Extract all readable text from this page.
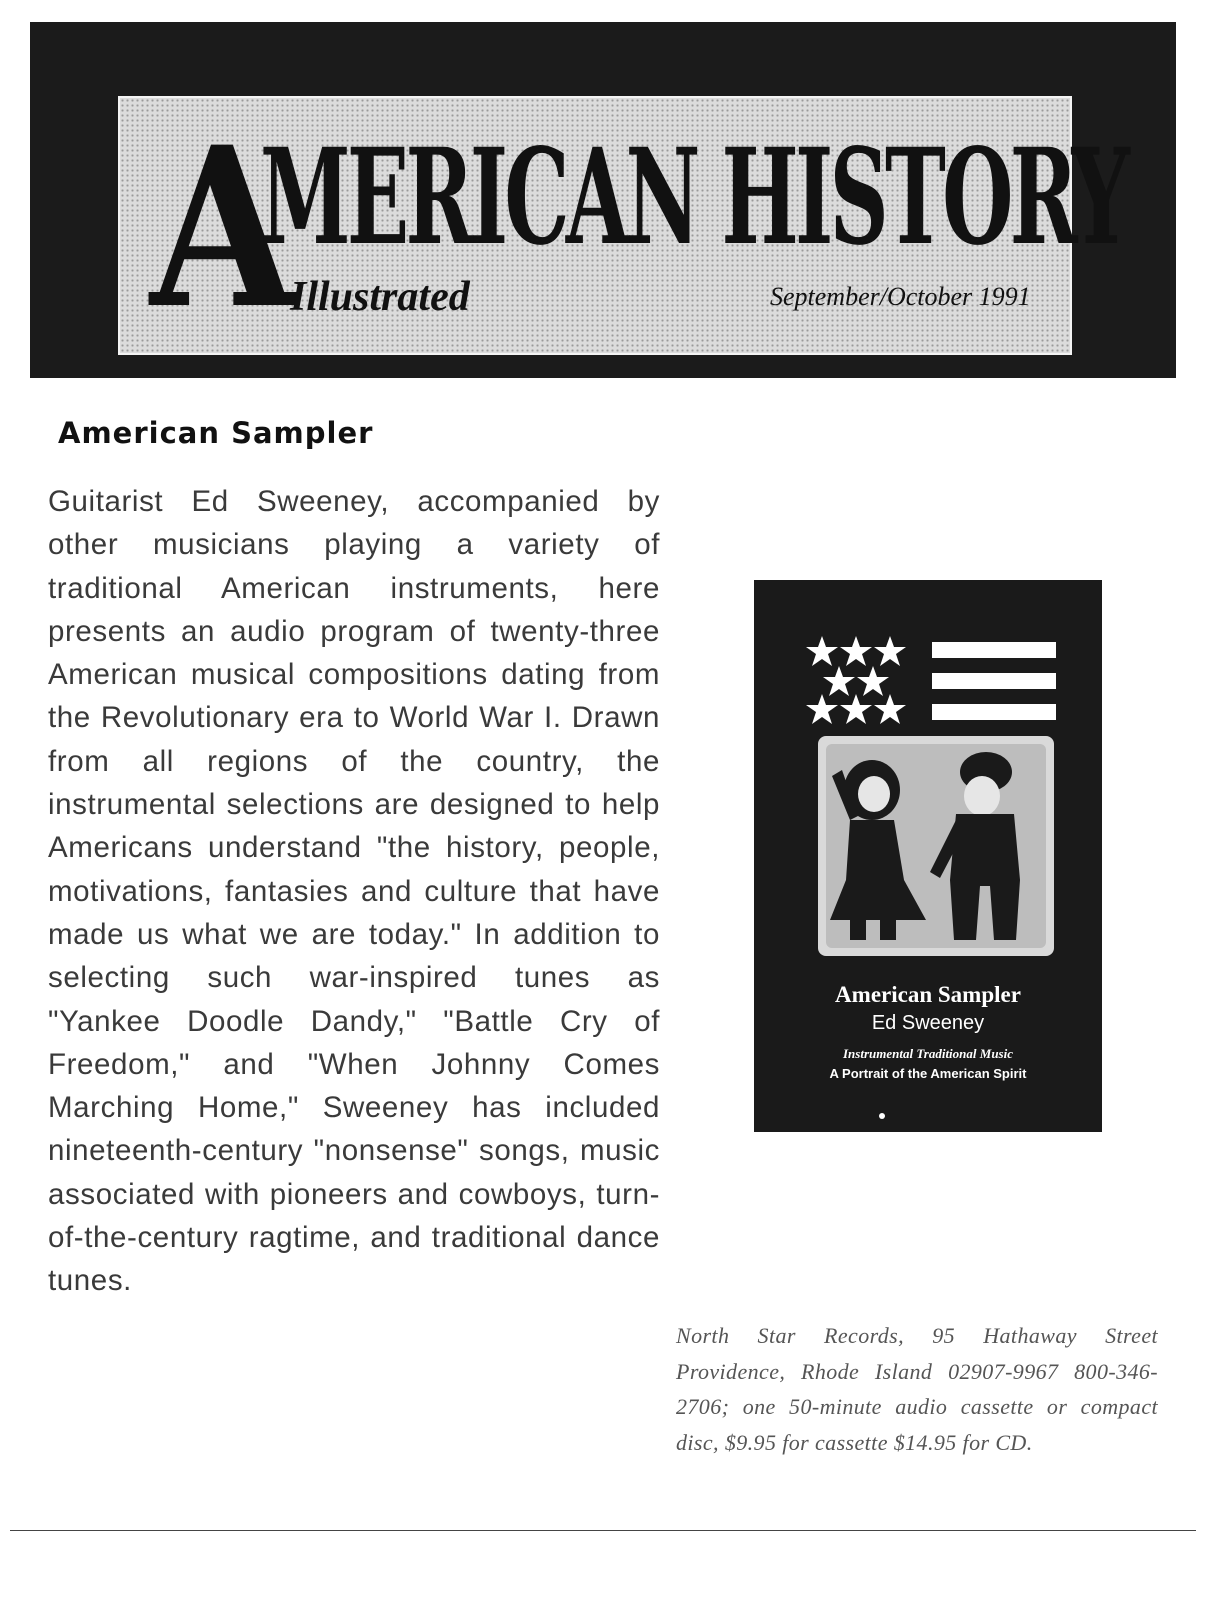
A
MERICAN HISTORY
Illustrated	September/October 1991
American Sampler
Guitarist Ed Sweeney, accompanied by other musicians playing a variety of traditional American instruments, here presents an audio program of twenty-three American musical compositions dating from the Revolutionary era to World War I. Drawn from all regions of the country, the instrumental selections are designed to help Americans understand "the history, people, motivations, fantasies and culture that have made us what we are today." In addition to selecting such war-inspired tunes as "Yankee Doodle Dandy," "Battle Cry of Freedom," and "When Johnny Comes Marching Home," Sweeney has included nineteenth-century "nonsense" songs, music associated with pioneers and cowboys, turn-of-the-century ragtime, and traditional dance tunes.
American Sampler
Ed Sweeney
Instrumental Traditional Music
A Portrait of the American Spirit
North Star Records, 95 Hathaway Street Providence, Rhode Island 02907-9967 800-346-2706; one 50-minute audio cassette or compact disc, $9.95 for cassette $14.95 for CD.
